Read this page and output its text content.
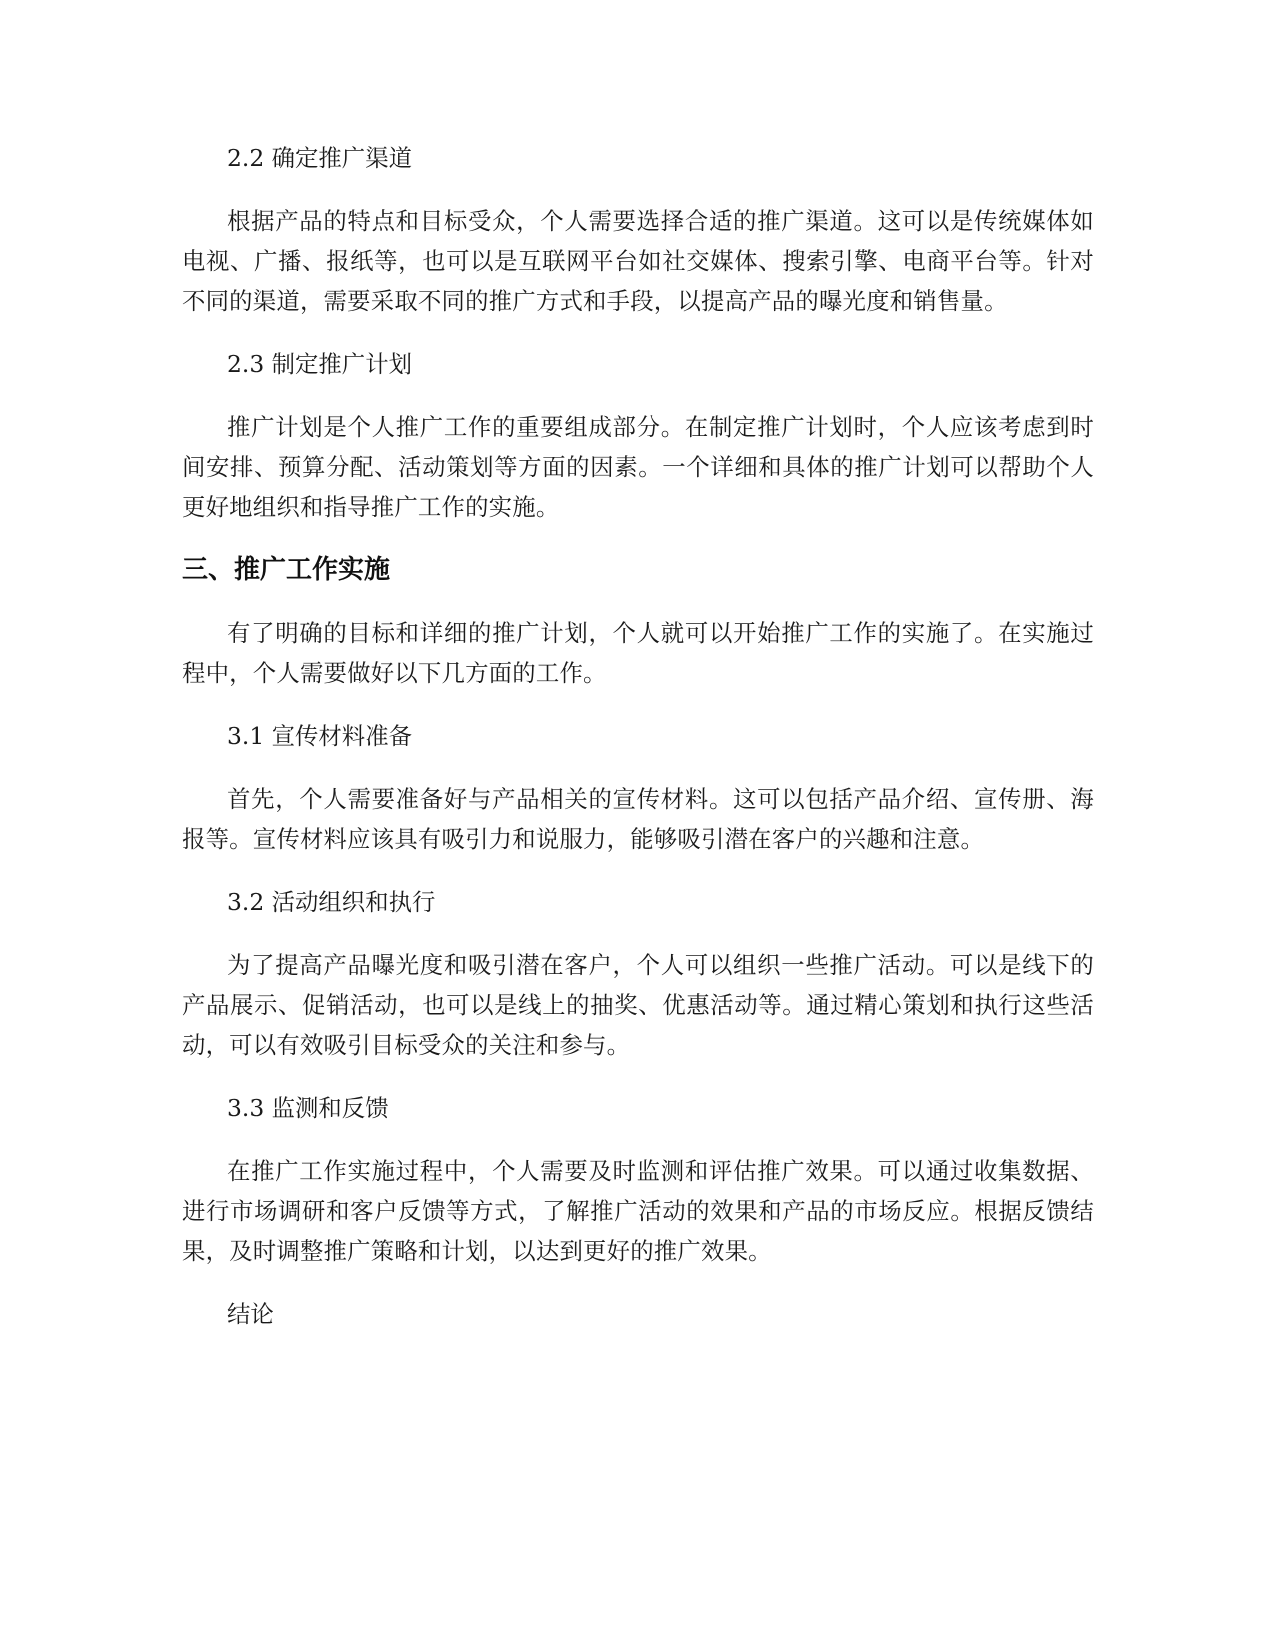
2.2 确定推广渠道

根据产品的特点和目标受众，个人需要选择合适的推广渠道。这可以是传统媒体如电视、广播、报纸等，也可以是互联网平台如社交媒体、搜索引擎、电商平台等。针对不同的渠道，需要采取不同的推广方式和手段，以提高产品的曝光度和销售量。

2.3 制定推广计划

推广计划是个人推广工作的重要组成部分。在制定推广计划时，个人应该考虑到时间安排、预算分配、活动策划等方面的因素。一个详细和具体的推广计划可以帮助个人更好地组织和指导推广工作的实施。

三、推广工作实施

有了明确的目标和详细的推广计划，个人就可以开始推广工作的实施了。在实施过程中，个人需要做好以下几方面的工作。

3.1 宣传材料准备

首先，个人需要准备好与产品相关的宣传材料。这可以包括产品介绍、宣传册、海报等。宣传材料应该具有吸引力和说服力，能够吸引潜在客户的兴趣和注意。

3.2 活动组织和执行

为了提高产品曝光度和吸引潜在客户，个人可以组织一些推广活动。可以是线下的产品展示、促销活动，也可以是线上的抽奖、优惠活动等。通过精心策划和执行这些活动，可以有效吸引目标受众的关注和参与。

3.3 监测和反馈

在推广工作实施过程中，个人需要及时监测和评估推广效果。可以通过收集数据、进行市场调研和客户反馈等方式，了解推广活动的效果和产品的市场反应。根据反馈结果，及时调整推广策略和计划，以达到更好的推广效果。

结论
